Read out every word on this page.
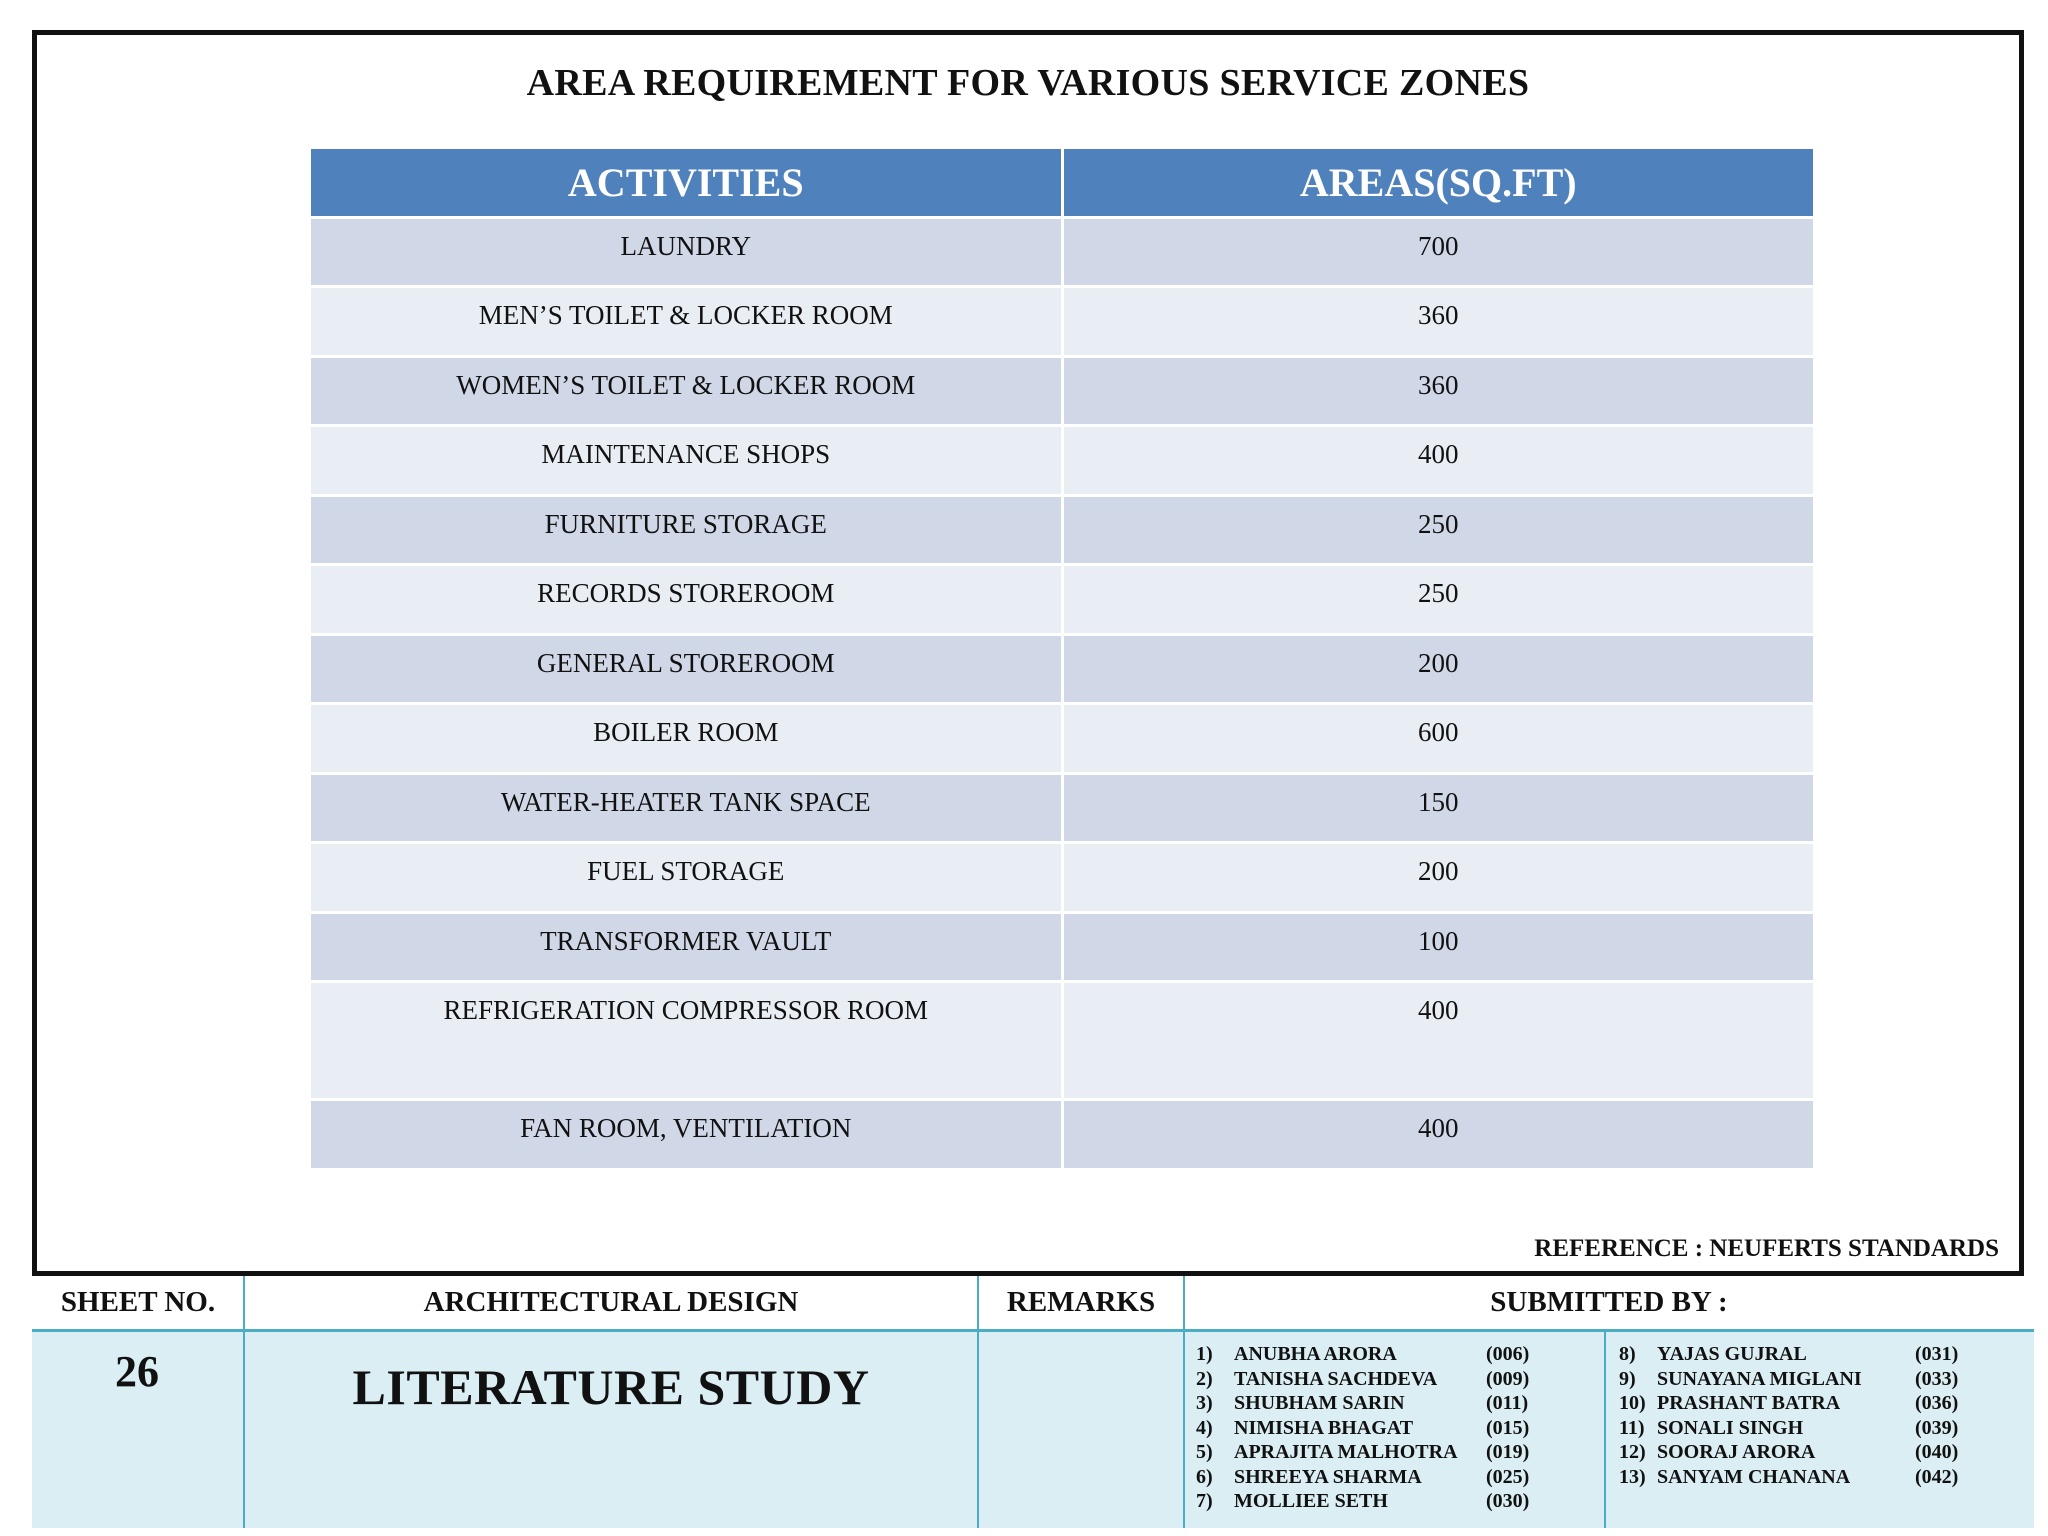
AREA REQUIREMENT FOR VARIOUS SERVICE ZONES
ACTIVITIES	AREAS(SQ.FT)
LAUNDRY	700
MEN’S TOILET & LOCKER ROOM	360
WOMEN’S TOILET & LOCKER ROOM	360
MAINTENANCE SHOPS	400
FURNITURE STORAGE	250
RECORDS STOREROOM	250
GENERAL STOREROOM	200
BOILER ROOM	600
WATER-HEATER TANK SPACE	150
FUEL STORAGE	200
TRANSFORMER VAULT	100
REFRIGERATION COMPRESSOR ROOM	400
FAN ROOM, VENTILATION	400
REFERENCE : NEUFERTS STANDARDS
SHEET NO.	ARCHITECTURAL DESIGN	REMARKS	SUBMITTED BY :
26	LITERATURE STUDY
1)	ANUBHA ARORA	(006)
2)	TANISHA SACHDEVA (009)
3)	SHUBHAM SARIN	(011)
4)	NIMISHA BHAGAT	(015)
5)	APRAJITA MALHOTRA (019)
6)	SHREEYA SHARMA	(025)
7)	MOLLIEE SETH	(030)
8)	YAJAS GUJRAL	(031)
9)	SUNAYANA MIGLANI	(033)
10) PRASHANT BATRA	(036)
11) SONALI SINGH	(039)
12) SOORAJ ARORA	(040)
13) SANYAM CHANANA	(042)
